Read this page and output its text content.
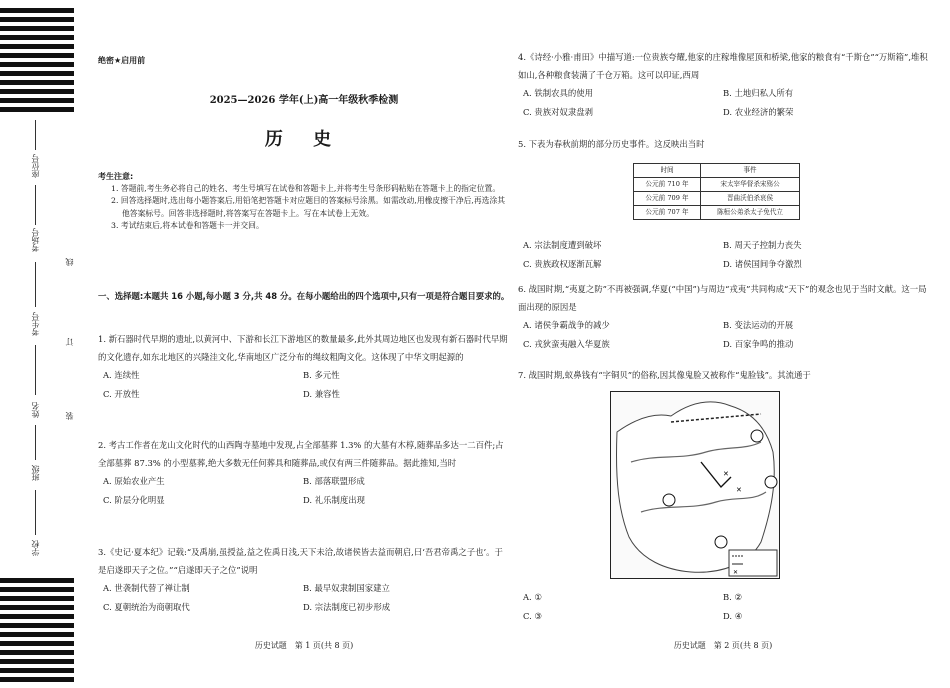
座位号
考场号
考生号
姓名
班级
学校
线
订
装
绝密★启用前
2025—2026 学年(上)高一年级秋季检测
历 史
考生注意:

1. 答题前,考生务必将自己的姓名、考生号填写在试卷和答题卡上,并将考生号条形码粘贴在答题卡上的指定位置。

2. 回答选择题时,选出每小题答案后,用铅笔把答题卡对应题目的答案标号涂黑。如需改动,用橡皮擦干净后,再选涂其他答案标号。回答非选择题时,将答案写在答题卡上。写在本试卷上无效。

3. 考试结束后,将本试卷和答题卡一并交回。

一、选择题:本题共 16 小题,每小题 3 分,共 48 分。在每小题给出的四个选项中,只有一项是符合题目要求的。
1. 新石器时代早期的遗址,以黄河中、下游和长江下游地区的数量最多,此外其周边地区也发现有新石器时代早期的文化遗存,如东北地区的兴隆洼文化,华南地区广泛分布的绳纹粗陶文化。这体现了中华文明起源的
A. 连续性	B. 多元性
C. 开放性	D. 兼容性
2. 考古工作者在龙山文化时代的山西陶寺墓地中发现,占全部墓葬 1.3% 的大墓有木椁,随葬品多达一二百件;占全部墓葬 87.3% 的小型墓葬,绝大多数无任何葬具和随葬品,或仅有两三件随葬品。据此推知,当时
A. 原始农业产生	B. 部落联盟形成
C. 阶层分化明显	D. 礼乐制度出现
3.《史记·夏本纪》记载:“及禹崩,虽授益,益之佐禹日浅,天下未洽,故诸侯皆去益而朝启,曰‘吾君帝禹之子也’。于是启遂即天子之位。”“启遂即天子之位”说明
A. 世袭制代替了禅让制	B. 最早奴隶制国家建立
C. 夏朝统治为商朝取代	D. 宗法制度已初步形成
历史试题　第 1 页(共 8 页)
4.《诗经·小雅·甫田》中描写道:一位贵族夸耀,他家的庄稼堆像屋顶和桥梁,他家的粮食有“千斯仓”“万斯箱”,堆积如山,各种粮食装满了千仓万箱。这可以印证,西周
A. 铁制农具的使用	B. 土地归私人所有
C. 贵族对奴隶盘剥	D. 农业经济的繁荣
5. 下表为春秋前期的部分历史事件。这反映出当时
时间	事件
公元前 710 年	宋太宰华督杀宋殇公
公元前 709 年	晋曲沃伯杀哀侯
公元前 707 年	陈桓公弟杀太子免代立
A. 宗法制度遭到破坏	B. 周天子控制力丧失
C. 贵族政权逐渐瓦解	D. 诸侯国间争夺激烈
6. 战国时期,“夷夏之防”不再被强调,华夏(“中国”)与周边“戎夷”共同构成“天下”的观念也见于当时文献。这一局面出现的原因是
A. 诸侯争霸战争的减少	B. 变法运动的开展
C. 戎狄蛮夷融入华夏族	D. 百家争鸣的推动
7. 战国时期,蚁鼻钱有“字铜贝”的俗称,因其像鬼脸又被称作“鬼脸钱”。其流通于
✕
✕
✕
A. ①	B. ②
C. ③	D. ④
历史试题　第 2 页(共 8 页)
